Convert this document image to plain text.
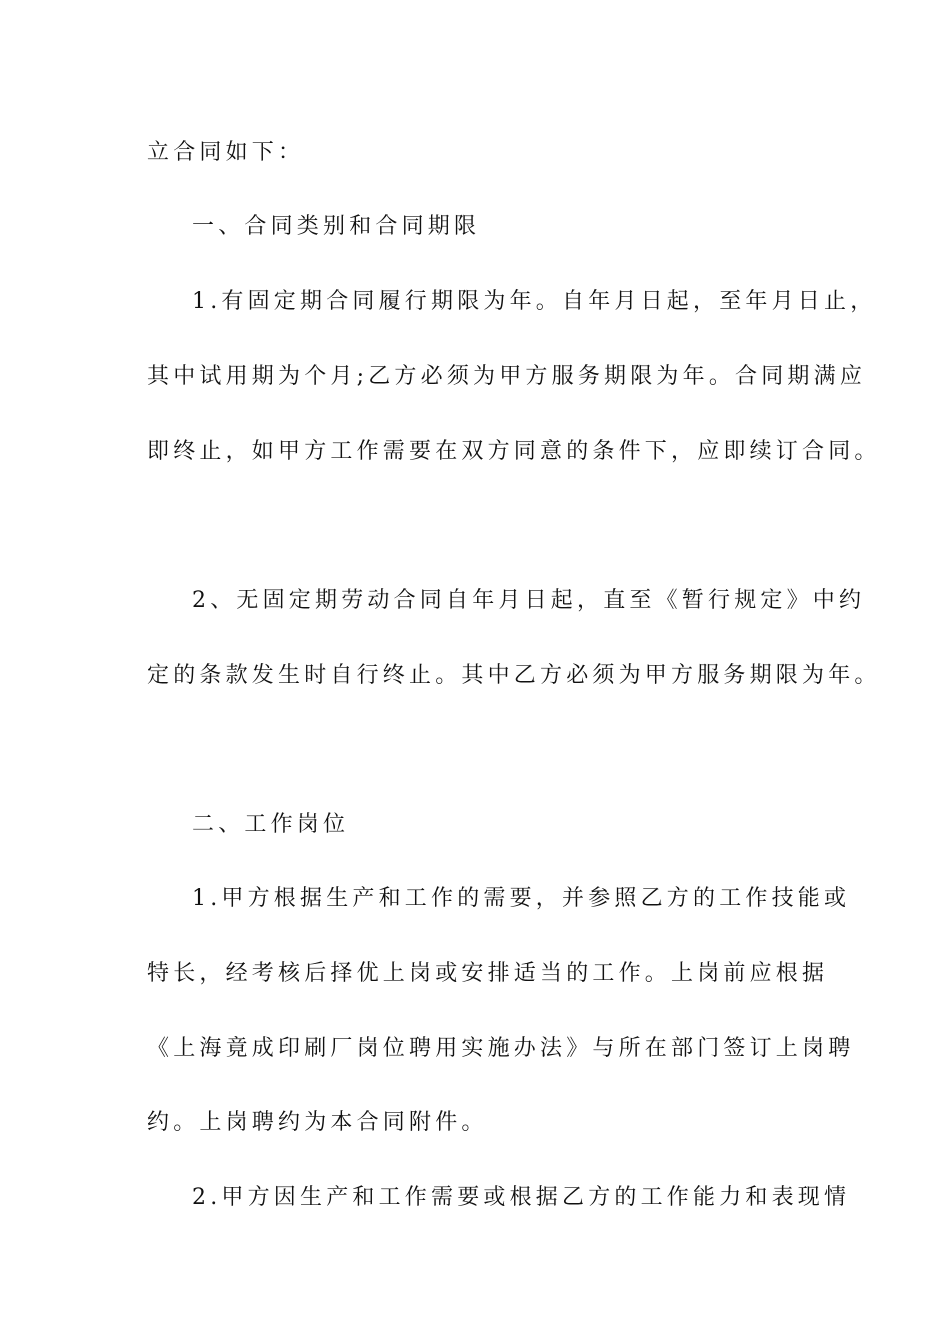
立合同如下：
一、合同类别和合同期限
1.有固定期合同履行期限为年。自年月日起，至年月日止，
其中试用期为个月;乙方必须为甲方服务期限为年。合同期满应
即终止，如甲方工作需要在双方同意的条件下，应即续订合同。
2、无固定期劳动合同自年月日起，直至《暂行规定》中约
定的条款发生时自行终止。其中乙方必须为甲方服务期限为年。
二、工作岗位
1.甲方根据生产和工作的需要，并参照乙方的工作技能或
特长，经考核后择优上岗或安排适当的工作。上岗前应根据
《上海竟成印刷厂岗位聘用实施办法》与所在部门签订上岗聘
约。上岗聘约为本合同附件。
2.甲方因生产和工作需要或根据乙方的工作能力和表现情
